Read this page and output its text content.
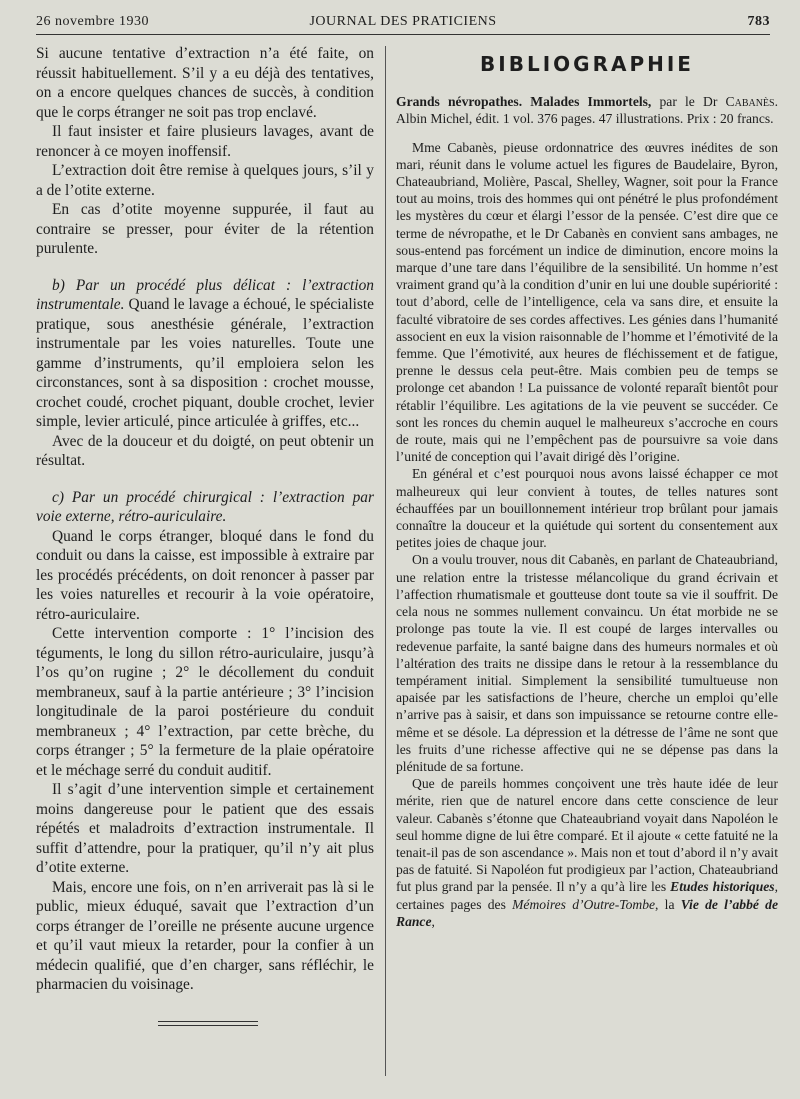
26 novembre 1930	JOURNAL DES PRATICIENS	783

Si aucune tentative d’extraction n’a été faite, on réussit habituellement. S’il y a eu déjà des tentatives, on a encore quelques chances de succès, à condition que le corps étranger ne soit pas trop enclavé.

Il faut insister et faire plusieurs lavages, avant de renoncer à ce moyen inoffensif.

L’extraction doit être remise à quelques jours, s’il y a de l’otite externe.

En cas d’otite moyenne suppurée, il faut au contraire se presser, pour éviter de la rétention purulente.

b) Par un procédé plus délicat : l’extraction instrumentale. Quand le lavage a échoué, le spécialiste pratique, sous anesthésie générale, l’extraction instrumentale par les voies naturelles. Toute une gamme d’instruments, qu’il emploiera selon les circonstances, sont à sa disposition : crochet mousse, crochet coudé, crochet piquant, double crochet, levier simple, levier articulé, pince articulée à griffes, etc...

Avec de la douceur et du doigté, on peut obtenir un résultat.

c) Par un procédé chirurgical : l’extraction par voie externe, rétro-auriculaire.

Quand le corps étranger, bloqué dans le fond du conduit ou dans la caisse, est impossible à extraire par les procédés précédents, on doit renoncer à passer par les voies naturelles et recourir à la voie opératoire, rétro-auriculaire.

Cette intervention comporte : 1° l’incision des téguments, le long du sillon rétro-auriculaire, jusqu’à l’os qu’on rugine ; 2° le décollement du conduit membraneux, sauf à la partie antérieure ; 3° l’incision longitudinale de la paroi postérieure du conduit membraneux ; 4° l’extraction, par cette brèche, du corps étranger ; 5° la fermeture de la plaie opératoire et le méchage serré du conduit auditif.

Il s’agit d’une intervention simple et certainement moins dangereuse pour le patient que des essais répétés et maladroits d’extraction instrumentale. Il suffit d’attendre, pour la pratiquer, qu’il n’y ait plus d’otite externe.

Mais, encore une fois, on n’en arriverait pas là si le public, mieux éduqué, savait que l’extraction d’un corps étranger de l’oreille ne présente aucune urgence et qu’il vaut mieux la retarder, pour la confier à un médecin qualifié, que d’en charger, sans réfléchir, le pharmacien du voisinage.

BIBLIOGRAPHIE

Grands névropathes. Malades Immortels, par le Dr Cabanès. Albin Michel, édit. 1 vol. 376 pages. 47 illustrations. Prix : 20 francs.

Mme Cabanès, pieuse ordonnatrice des œuvres inédites de son mari, réunit dans le volume actuel les figures de Baudelaire, Byron, Chateaubriand, Molière, Pascal, Shelley, Wagner, soit pour la France tout au moins, trois des hommes qui ont pénétré le plus profondément les mystères du cœur et élargi l’essor de la pensée. C’est dire que ce terme de névropathe, et le Dr Cabanès en convient sans ambages, ne sous-entend pas forcément un indice de diminution, encore moins la marque d’une tare dans l’équilibre de la sensibilité. Un homme n’est vraiment grand qu’à la condition d’unir en lui une double supériorité : tout d’abord, celle de l’intelligence, cela va sans dire, et ensuite la faculté vibratoire de ses cordes affectives. Les génies dans l’humanité associent en eux la vision raisonnable de l’homme et l’émotivité de la femme. Que l’émotivité, aux heures de fléchissement et de fatigue, prenne le dessus cela peut-être. Mais combien peu de temps se prolonge cet abandon ! La puissance de volonté reparaît bientôt pour rétablir l’équilibre. Les agitations de la vie peuvent se succéder. Ce sont les ronces du chemin auquel le malheureux s’accroche en cours de route, mais qui ne l’empêchent pas de poursuivre sa voie dans l’unité de conception qui l’avait dirigé dès l’origine.

En général et c’est pourquoi nous avons laissé échapper ce mot malheureux qui leur convient à toutes, de telles natures sont échauffées par un bouillonnement intérieur trop brûlant pour jamais connaître la douceur et la quiétude qui sortent du consentement aux petites joies de chaque jour.

On a voulu trouver, nous dit Cabanès, en parlant de Chateaubriand, une relation entre la tristesse mélancolique du grand écrivain et l’affection rhumatismale et goutteuse dont toute sa vie il souffrit. De cela nous ne sommes nullement convaincu. Un état morbide ne se prolonge pas toute la vie. Il est coupé de larges intervalles ou redevenue parfaite, la santé baigne dans des humeurs normales et où l’altération des traits ne dissipe dans le retour à la ressemblance du tempérament initial. Simplement la sensibilité tumultueuse non apaisée par les satisfactions de l’heure, cherche un emploi qu’elle n’arrive pas à saisir, et dans son impuissance se retourne contre elle-même et se désole. La dépression et la détresse de l’âme ne sont que les fruits d’une richesse affective qui ne se dépense pas dans la plénitude de sa fortune.

Que de pareils hommes conçoivent une très haute idée de leur mérite, rien que de naturel encore dans cette conscience de leur valeur. Cabanès s’étonne que Chateaubriand voyait dans Napoléon le seul homme digne de lui être comparé. Et il ajoute « cette fatuité ne la tenait-il pas de son ascendance ». Mais non et tout d’abord il n’y avait pas de fatuité. Si Napoléon fut prodigieux par l’action, Chateaubriand fut plus grand par la pensée. Il n’y a qu’à lire les Etudes historiques, certaines pages des Mémoires d’Outre-Tombe, la Vie de l’abbé de Rance,
